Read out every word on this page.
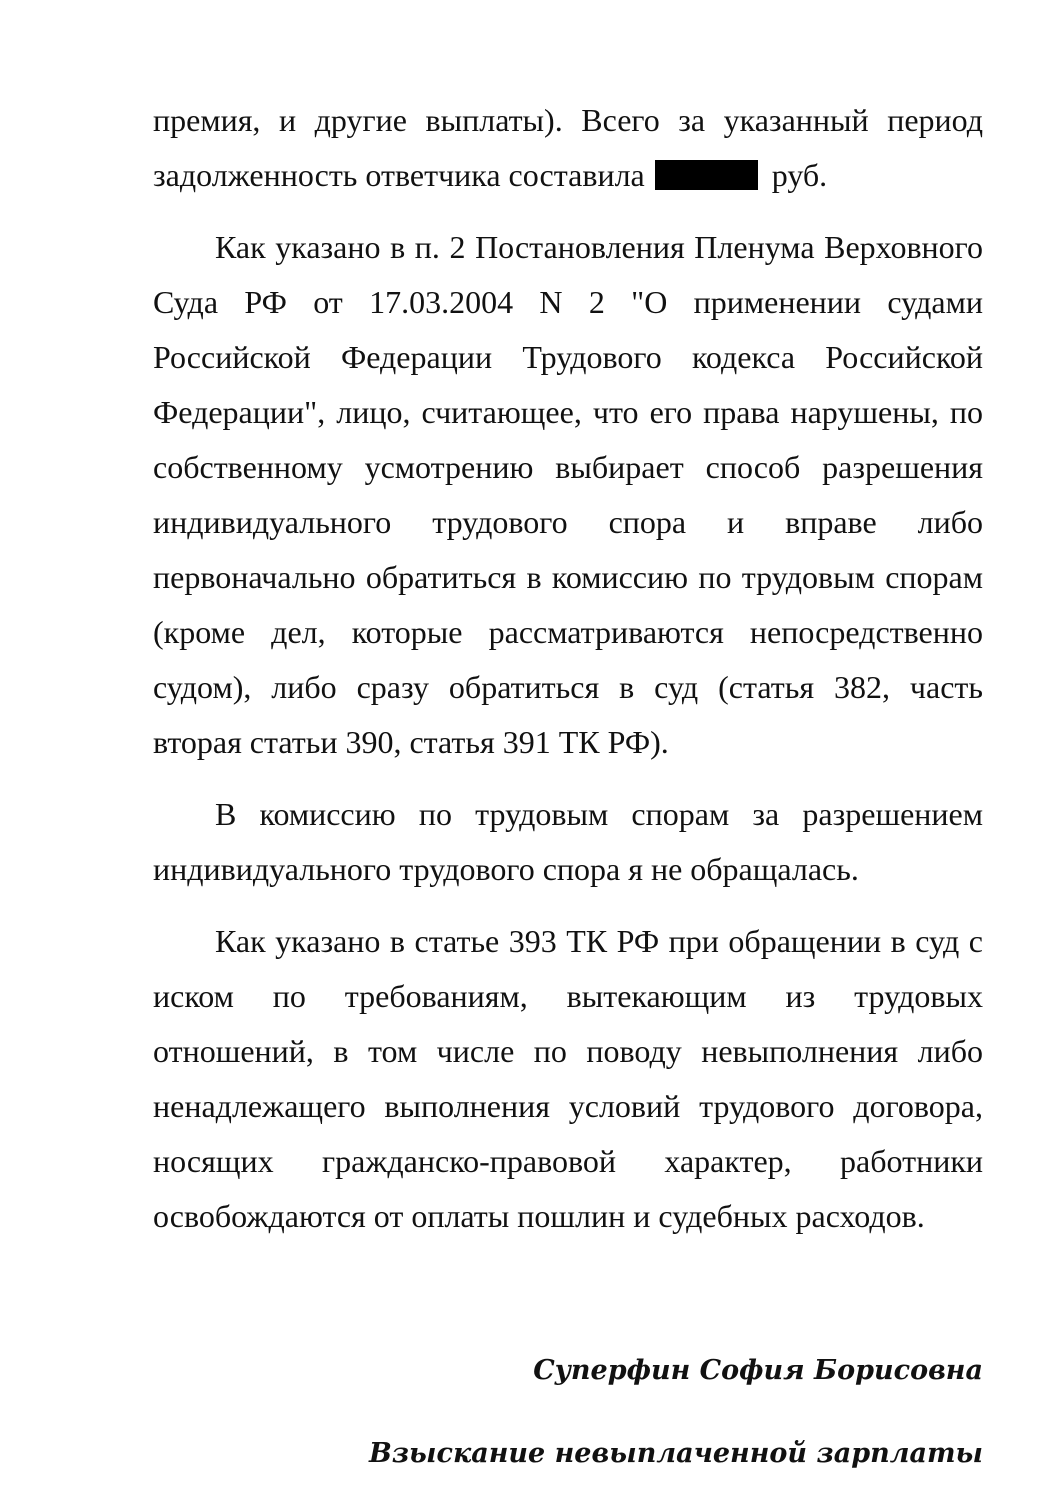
премия, и другие выплаты). Всего за указанный период задолженность ответчика составила	руб.

Как указано в п. 2 Постановления Пленума Верховного Суда РФ от 17.03.2004 N 2 "О применении судами Российской Федерации Трудового кодекса Российской Федерации", лицо, считающее, что его права нарушены, по собственному усмотрению выбирает способ разрешения индивидуального трудового спора и вправе либо первоначально обратиться в комиссию по трудовым спорам (кроме дел, которые рассматриваются непосредственно судом), либо сразу обратиться в суд (статья 382, часть вторая статьи 390, статья 391 ТК РФ).

В комиссию по трудовым спорам за разрешением индивидуального трудового спора я не обращалась.

Как указано в статье 393 ТК РФ при обращении в суд с иском по требованиям, вытекающим из трудовых отношений, в том числе по поводу невыполнения либо ненадлежащего выполнения условий трудового договора, носящих гражданско-правовой характер, работники освобождаются от оплаты пошлин и судебных расходов.

Суперфин София Борисовна
Взыскание невыплаченной зарплаты
